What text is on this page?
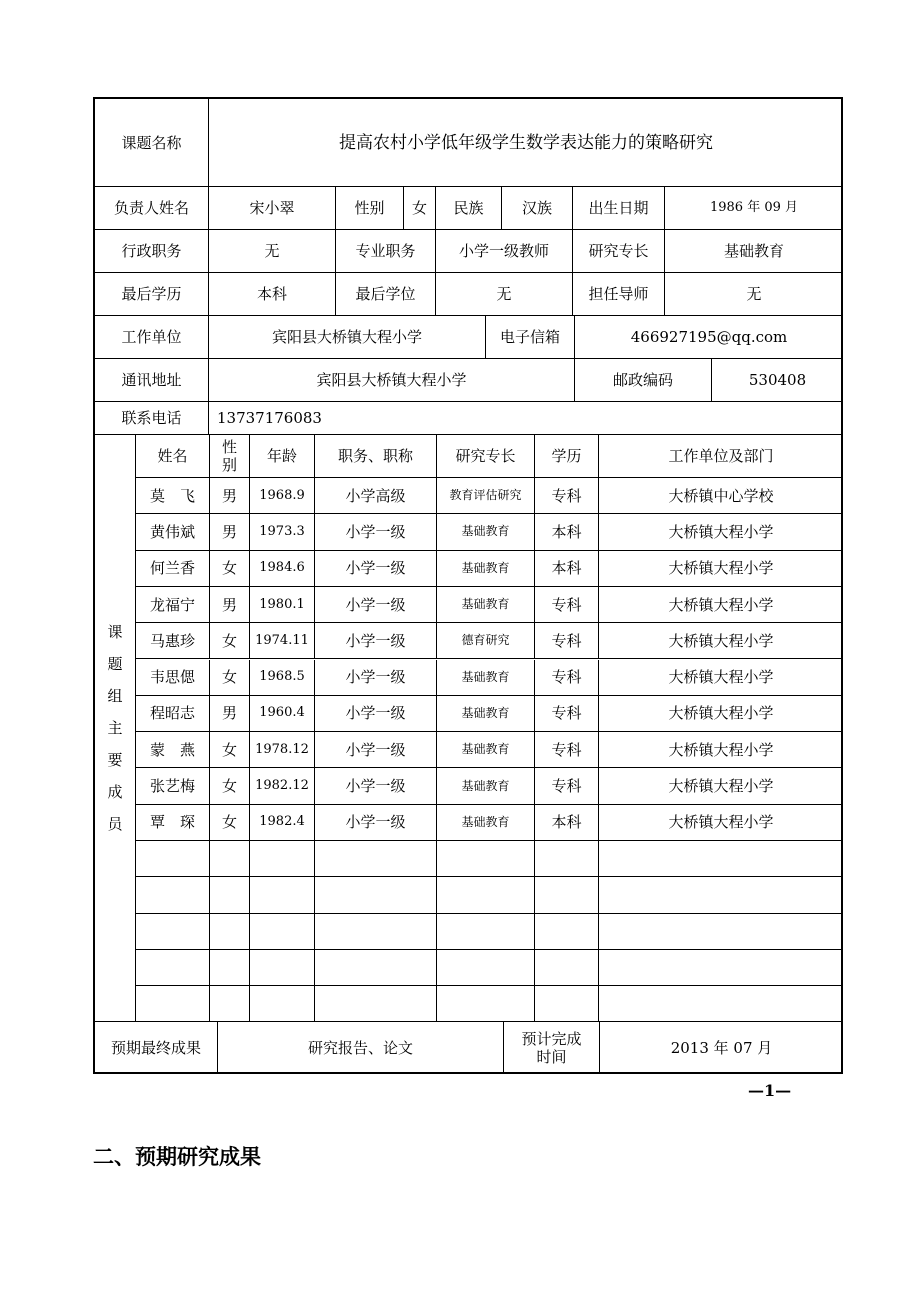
课题名称	提高农村小学低年级学生数学表达能力的策略研究
负责人姓名	宋小翠	性别	女	民族	汉族	出生日期	1986 年 09 月
行政职务	无	专业职务	小学一级教师	研究专长	基础教育
最后学历	本科	最后学位	无	担任导师	无
工作单位	宾阳县大桥镇大程小学	电子信箱	466927195@qq.com
通讯地址	宾阳县大桥镇大程小学	邮政编码	530408
联系电话	13737176083
课
题
组
主
要
成
员
姓名	性别	年龄	职务、职称	研究专长	学历	工作单位及部门
莫　飞	男	1968.9	小学高级	教育评估研究	专科	大桥镇中心学校
黄伟斌	男	1973.3	小学一级	基础教育	本科	大桥镇大程小学
何兰香	女	1984.6	小学一级	基础教育	本科	大桥镇大程小学
龙福宁	男	1980.1	小学一级	基础教育	专科	大桥镇大程小学
马惠珍	女	1974.11	小学一级	德育研究	专科	大桥镇大程小学
韦思偲	女	1968.5	小学一级	基础教育	专科	大桥镇大程小学
程昭志	男	1960.4	小学一级	基础教育	专科	大桥镇大程小学
蒙　燕	女	1978.12	小学一级	基础教育	专科	大桥镇大程小学
张艺梅	女	1982.12	小学一级	基础教育	专科	大桥镇大程小学
覃　琛	女	1982.4	小学一级	基础教育	本科	大桥镇大程小学
预期最终成果	研究报告、论文	预计完成时间	2013 年 07 月
—1—
二、预期研究成果
